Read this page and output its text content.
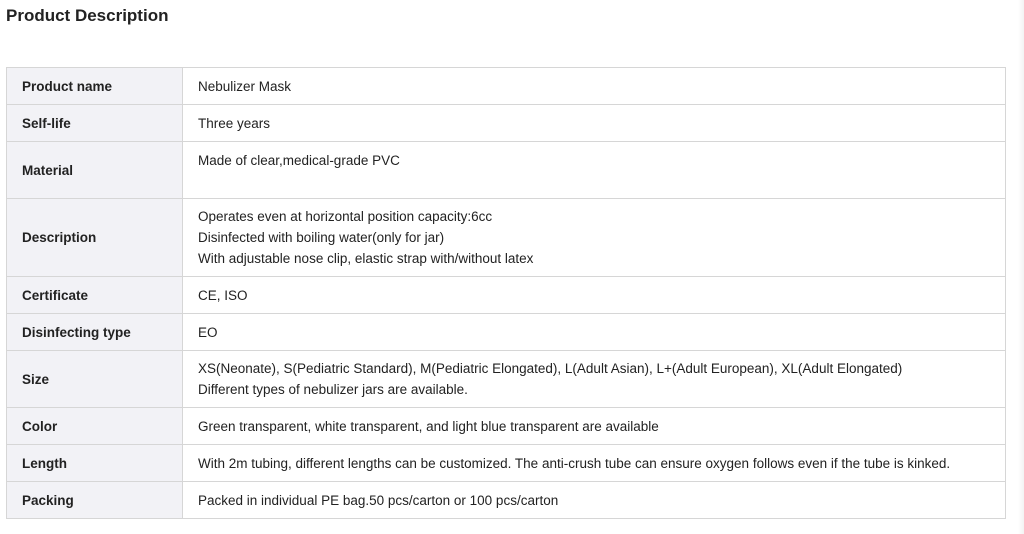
Product Description
Product name	Nebulizer Mask

Self-life	Three years

Material	Made of clear,medical-grade PVC

Description	Operates even at horizontal position capacity:6cc
Disinfected with boiling water(only for jar)
With adjustable nose clip, elastic strap with/without latex

Certificate	CE, ISO

Disinfecting type	EO

Size	XS(Neonate), S(Pediatric Standard), M(Pediatric Elongated), L(Adult Asian), L+(Adult European), XL(Adult Elongated)
Different types of nebulizer jars are available.

Color	Green transparent, white transparent, and light blue transparent are available

Length	With 2m tubing, different lengths can be customized. The anti-crush tube can ensure oxygen follows even if the tube is kinked.

Packing	Packed in individual PE bag.50 pcs/carton or 100 pcs/carton
